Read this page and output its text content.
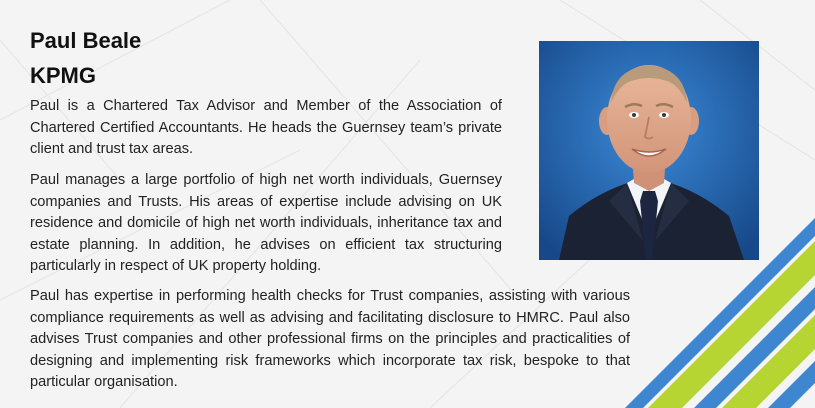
Paul Beale
KPMG

Paul is a Chartered Tax Advisor and Member of the Association of Chartered Certified Accountants. He heads the Guernsey team’s private client and trust tax areas.

Paul manages a large portfolio of high net worth individuals, Guernsey companies and Trusts. His areas of expertise include advising on UK residence and domicile of high net worth individuals, inheritance tax and estate planning. In addition, he advises on efficient tax structuring particularly in respect of UK property holding.

Paul has expertise in performing health checks for Trust companies, assisting with various compliance requirements as well as advising and facilitating disclosure to HMRC. Paul also advises Trust companies and other professional firms on the principles and practicalities of designing and implementing risk frameworks which incorporate tax risk, bespoke to that particular organisation.
